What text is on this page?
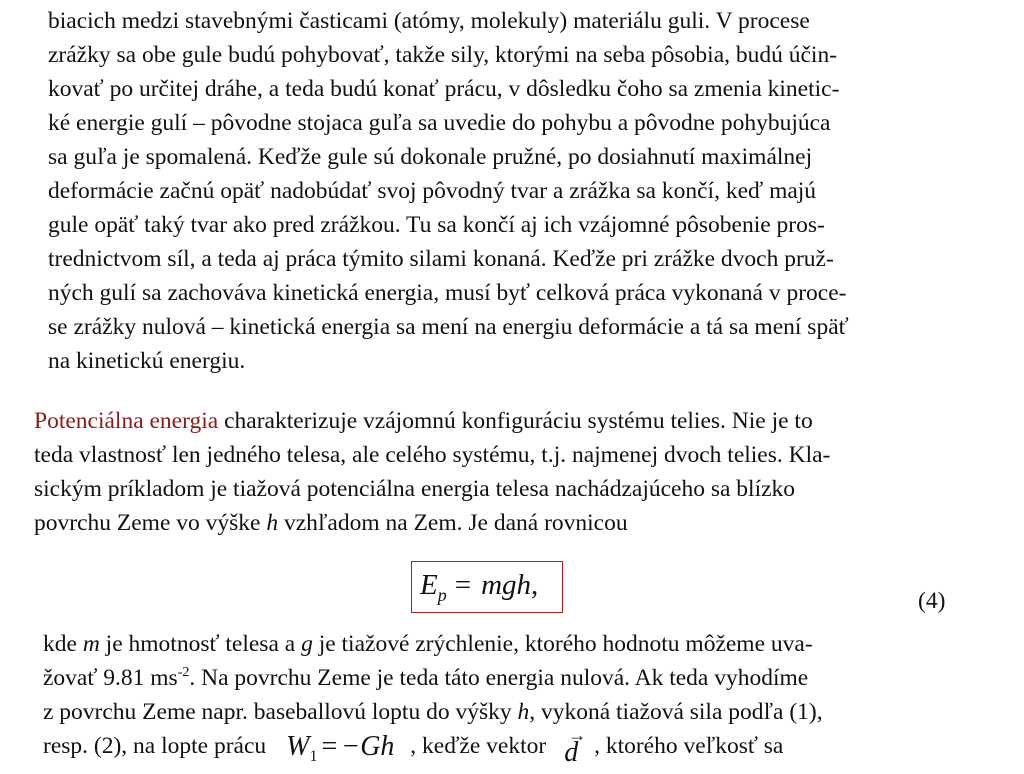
biacich medzi stavebnými časticami (atómy, molekuly) materiálu guli. V procese
zrážky sa obe gule budú pohybovať, takže sily, ktorými na seba pôsobia, budú účin-
kovať po určitej dráhe, a teda budú konať prácu, v dôsledku čoho sa zmenia kinetic-
ké energie gulí – pôvodne stojaca guľa sa uvedie do pohybu a pôvodne pohybujúca
sa guľa je spomalená. Keďže gule sú dokonale pružné, po dosiahnutí maximálnej
deformácie začnú opäť nadobúdať svoj pôvodný tvar a zrážka sa končí, keď majú
gule opäť taký tvar ako pred zrážkou. Tu sa končí aj ich vzájomné pôsobenie pros-
trednictvom síl, a teda aj práca týmito silami konaná. Keďže pri zrážke dvoch pruž-
ných gulí sa zachováva kinetická energia, musí byť celková práca vykonaná v proce-
se zrážky nulová – kinetická energia sa mení na energiu deformácie a tá sa mení späť
na kinetickú energiu.
Potenciálna energia charakterizuje vzájomnú konfiguráciu systému telies. Nie je to
teda vlastnosť len jedného telesa, ale celého systému, t.j. najmenej dvoch telies. Kla-
sickým príkladom je tiažová potenciálna energia telesa nachádzajúceho sa blízko
povrchu Zeme vo výške h vzhľadom na Zem. Je daná rovnicou
$E_p$ = mgh,	(4)
kde m je hmotnosť telesa a g je tiažové zrýchlenie, ktorého hodnotu môžeme uva-
žovať 9.81 $ms^{-2}$. Na povrchu Zeme je teda táto energia nulová. Ak teda vyhodíme
z povrchu Zeme napr. baseballovú loptu do výšky h, vykoná tiažová sila podľa (1),
resp. (2), na lopte prácu $W_1 = -Gh$ , keďže vektor →
d , ktorého veľkosť sa
